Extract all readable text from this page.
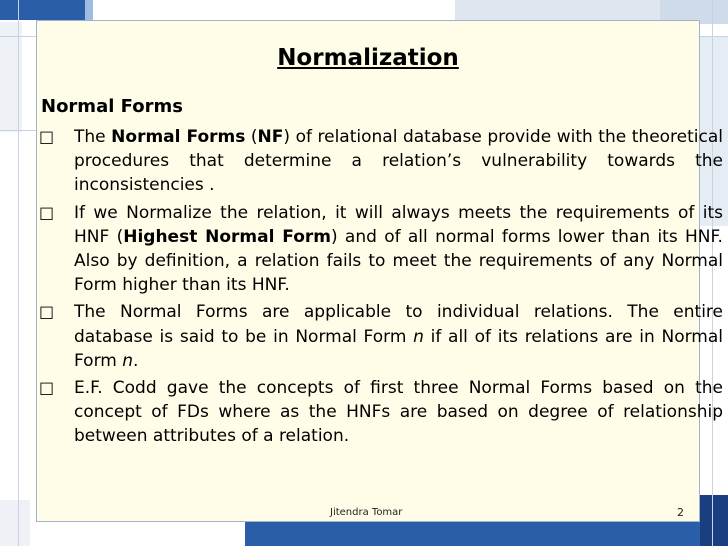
Normalization
Normal Forms
□ The Normal Forms (NF) of relational database provide with the theoretical procedures that determine a relation’s vulnerability towards the inconsistencies .
□ If we Normalize the relation, it will always meets the requirements of its HNF (Highest Normal Form) and of all normal forms lower than its HNF. Also by definition, a relation fails to meet the requirements of any Normal Form higher than its HNF.
□ The Normal Forms are applicable to individual relations. The entire database is said to be in Normal Form n if all of its relations are in Normal Form n.
□ E.F. Codd gave the concepts of first three Normal Forms based on the concept of FDs where as the HNFs are based on degree of relationship between attributes of a relation.
Jitendra Tomar	2
